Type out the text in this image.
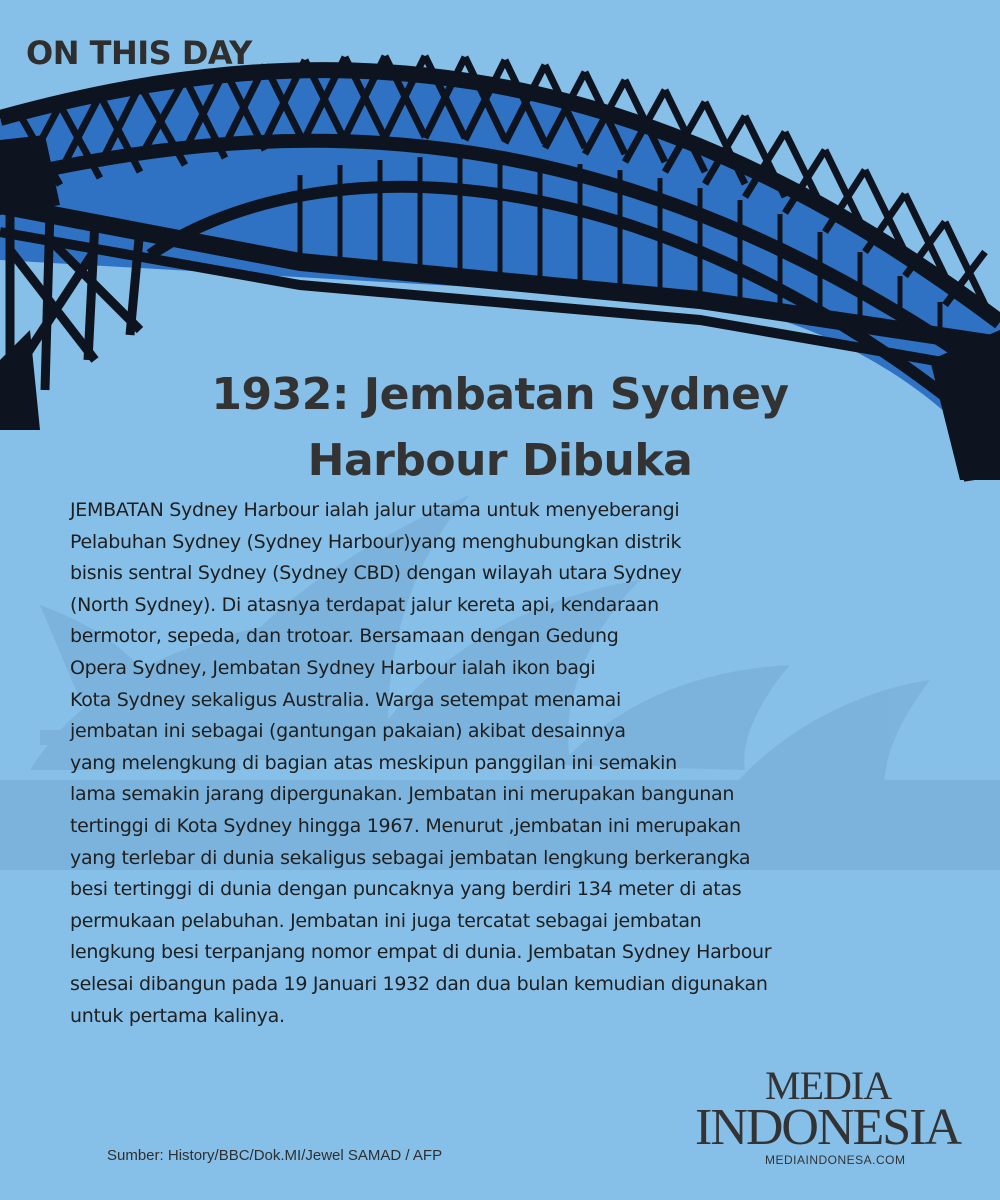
ON THIS DAY
1932: Jembatan Sydney
Harbour Dibuka
JEMBATAN Sydney Harbour ialah jalur utama untuk menyeberangi
Pelabuhan Sydney (Sydney Harbour)yang menghubungkan distrik
bisnis sentral Sydney (Sydney CBD) dengan wilayah utara Sydney
(North Sydney). Di atasnya terdapat jalur kereta api, kendaraan
bermotor, sepeda, dan trotoar. Bersamaan dengan Gedung
Opera Sydney, Jembatan Sydney Harbour ialah ikon bagi
Kota Sydney sekaligus Australia. Warga setempat menamai
jembatan ini sebagai (gantungan pakaian) akibat desainnya
yang melengkung di bagian atas meskipun panggilan ini semakin
lama semakin jarang dipergunakan. Jembatan ini merupakan bangunan
tertinggi di Kota Sydney hingga 1967. Menurut ,jembatan ini merupakan
yang terlebar di dunia sekaligus sebagai jembatan lengkung berkerangka
besi tertinggi di dunia dengan puncaknya yang berdiri 134 meter di atas
permukaan pelabuhan. Jembatan ini juga tercatat sebagai jembatan
lengkung besi terpanjang nomor empat di dunia. Jembatan Sydney Harbour
selesai dibangun pada 19 Januari 1932 dan dua bulan kemudian digunakan
untuk pertama kalinya.
Sumber: History/BBC/Dok.MI/Jewel SAMAD / AFP
MEDIA
INDONESIA
MEDIAINDONESA.COM
